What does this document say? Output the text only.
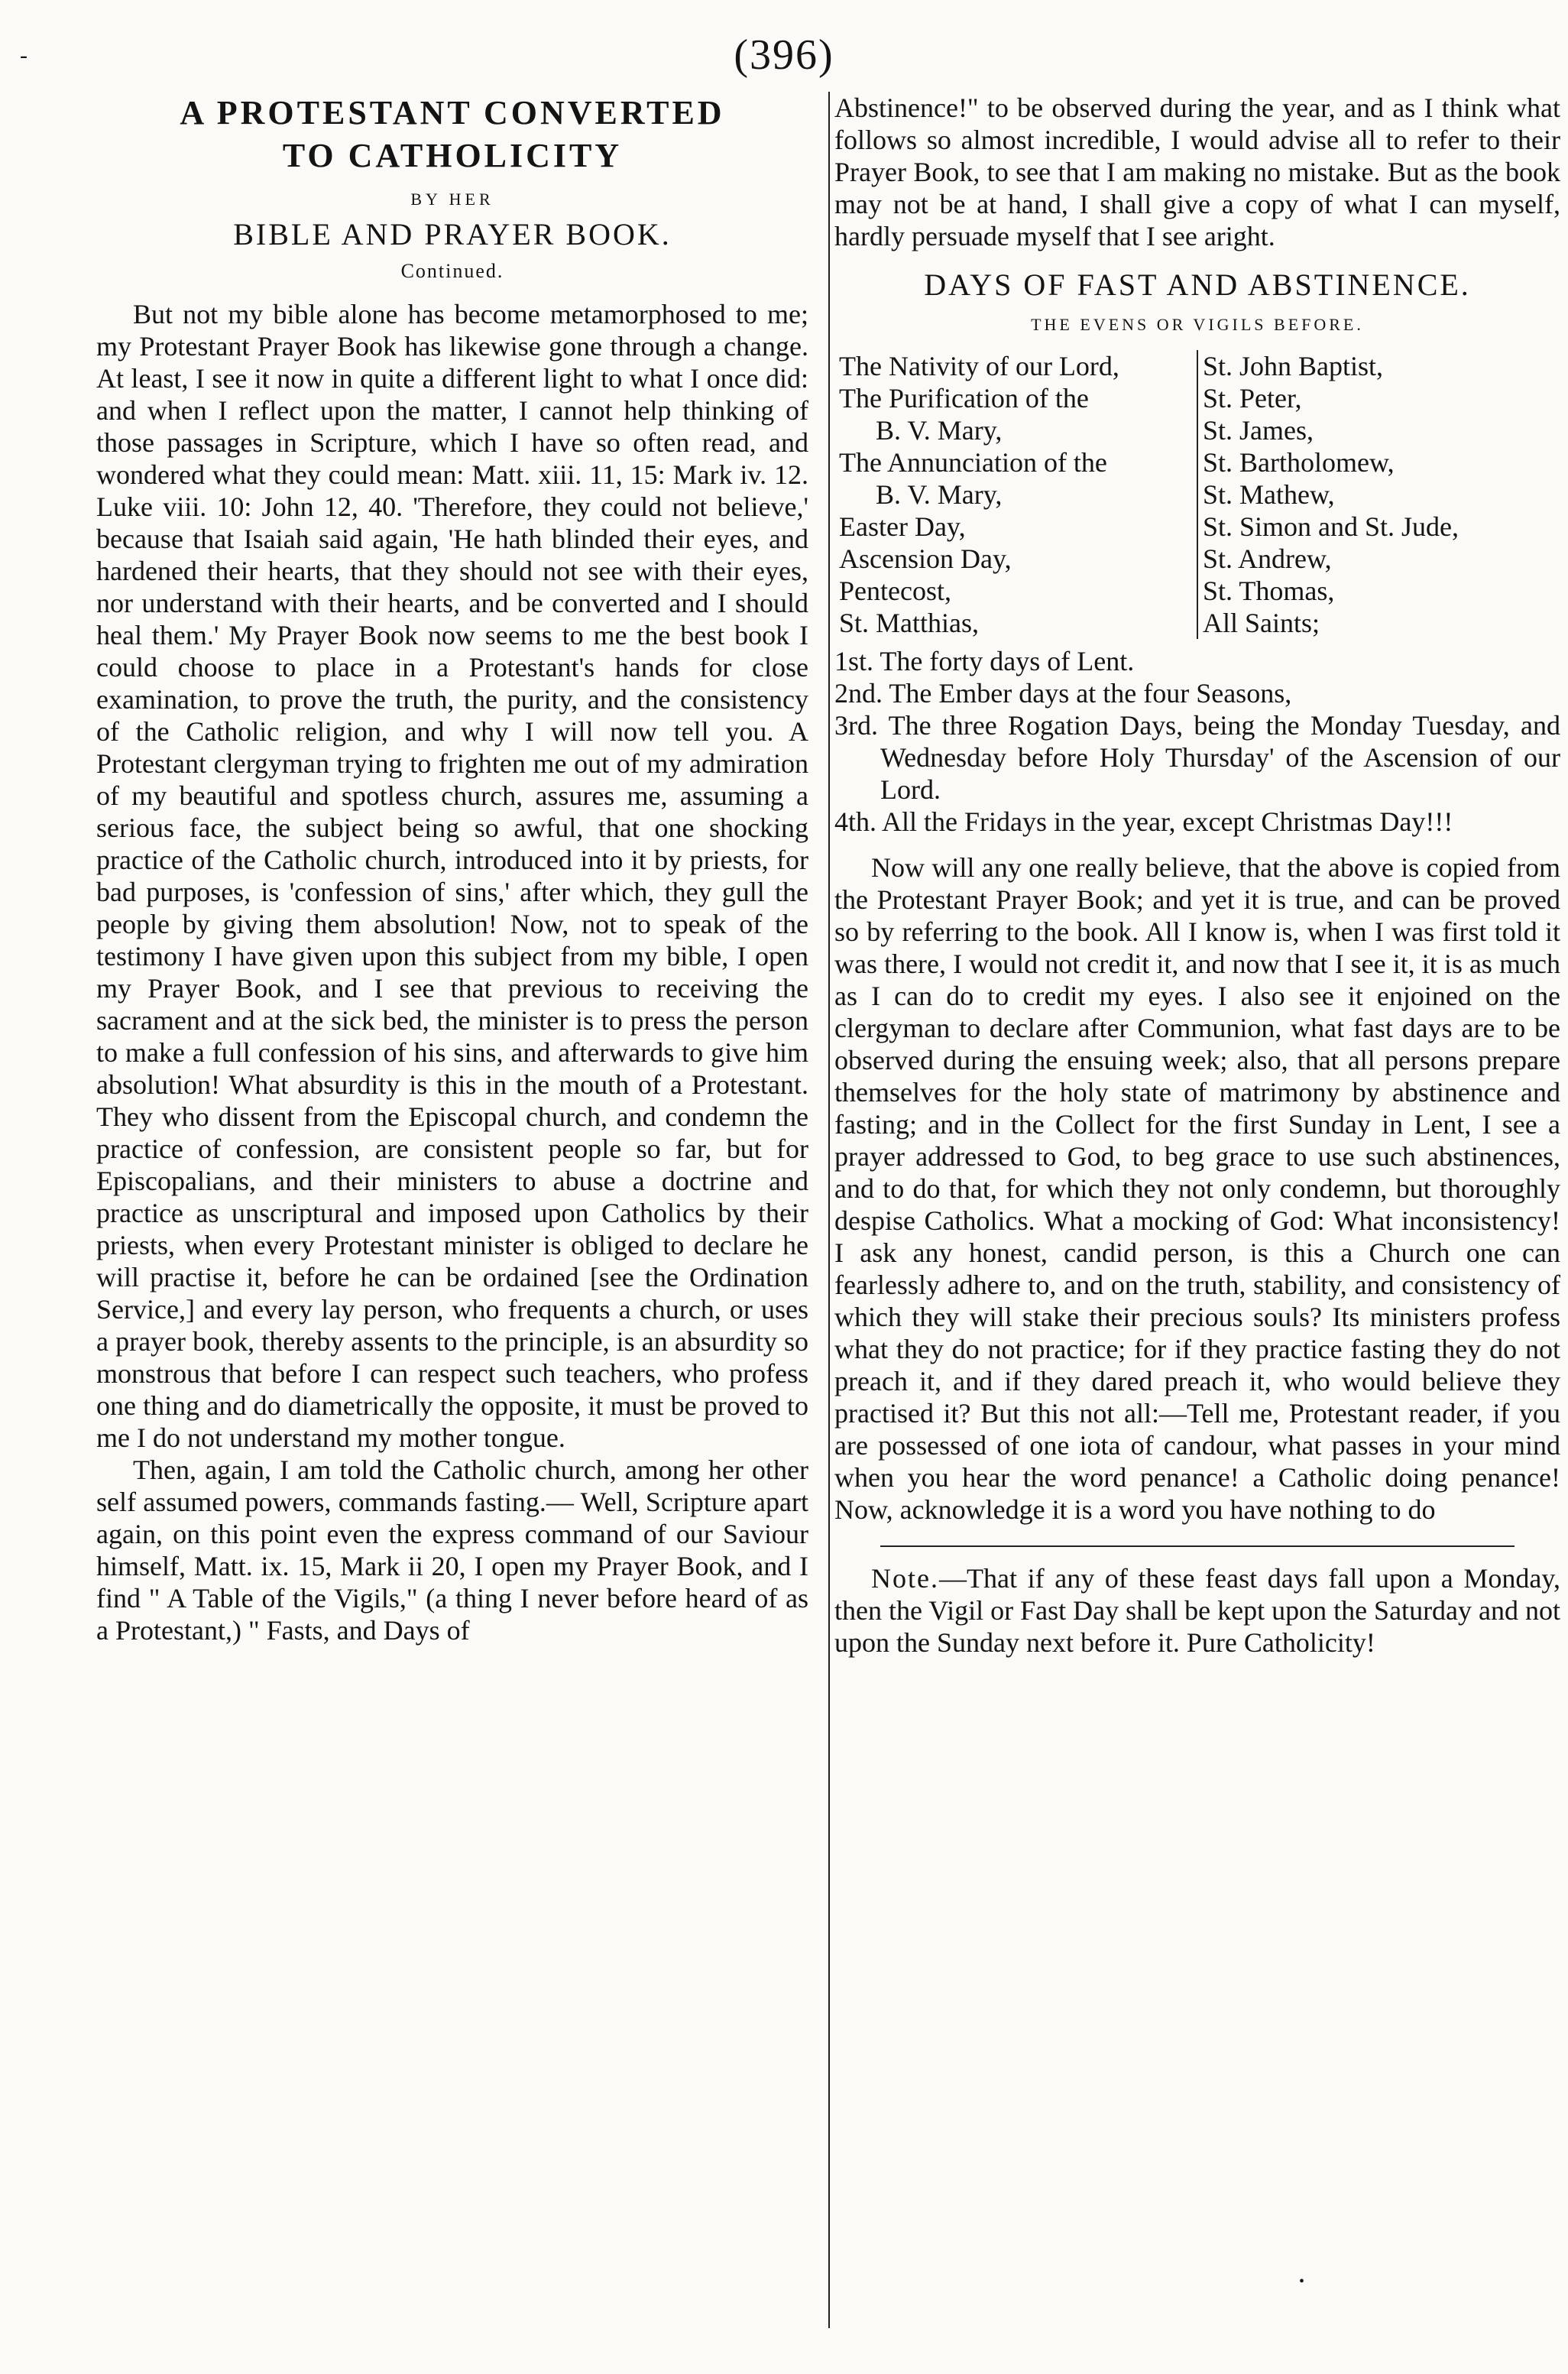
-	(396)
A PROTESTANT CONVERTED
TO CATHOLICITY
BY HER
BIBLE AND PRAYER BOOK.
Continued.

But not my bible alone has become metamorphosed to me; my Protestant Prayer Book has likewise gone through a change. At least, I see it now in quite a different light to what I once did: and when I reflect upon the matter, I cannot help thinking of those passages in Scripture, which I have so often read, and wondered what they could mean: Matt. xiii. 11, 15: Mark iv. 12. Luke viii. 10: John 12, 40. 'Therefore, they could not believe,' because that Isaiah said again, 'He hath blinded their eyes, and hardened their hearts, that they should not see with their eyes, nor understand with their hearts, and be converted and I should heal them.' My Prayer Book now seems to me the best book I could choose to place in a Protestant's hands for close examination, to prove the truth, the purity, and the consistency of the Catholic religion, and why I will now tell you. A Protestant clergyman trying to frighten me out of my admiration of my beautiful and spotless church, assures me, assuming a serious face, the subject being so awful, that one shocking practice of the Catholic church, introduced into it by priests, for bad purposes, is 'confession of sins,' after which, they gull the people by giving them absolution! Now, not to speak of the testimony I have given upon this subject from my bible, I open my Prayer Book, and I see that previous to receiving the sacrament and at the sick bed, the minister is to press the person to make a full confession of his sins, and afterwards to give him absolution! What absurdity is this in the mouth of a Protestant. They who dissent from the Episcopal church, and condemn the practice of confession, are consistent people so far, but for Episcopalians, and their ministers to abuse a doctrine and practice as unscriptural and imposed upon Catholics by their priests, when every Protestant minister is obliged to declare he will practise it, before he can be ordained [see the Ordination Service,] and every lay person, who frequents a church, or uses a prayer book, thereby assents to the principle, is an absurdity so monstrous that before I can respect such teachers, who profess one thing and do diametrically the opposite, it must be proved to me I do not understand my mother tongue.

Then, again, I am told the Catholic church, among her other self assumed powers, commands fasting.— Well, Scripture apart again, on this point even the express command of our Saviour himself, Matt. ix. 15, Mark ii 20, I open my Prayer Book, and I find " A Table of the Vigils," (a thing I never before heard of as a Protestant,) " Fasts, and Days of

Abstinence!" to be observed during the year, and as I think what follows so almost incredible, I would advise all to refer to their Prayer Book, to see that I am making no mistake. But as the book may not be at hand, I shall give a copy of what I can myself, hardly persuade myself that I see aright.

DAYS OF FAST AND ABSTINENCE.
THE EVENS OR VIGILS BEFORE.
The Nativity of our Lord,	St. John Baptist,
The Purification of the	St. Peter,
B. V. Mary,	St. James,
The Annunciation of the	St. Bartholomew,
B. V. Mary,	St. Mathew,
Easter Day,	St. Simon and St. Jude,
Ascension Day,	St. Andrew,
Pentecost,	St. Thomas,
St. Matthias,	All Saints;

1st. The forty days of Lent.

2nd. The Ember days at the four Seasons,

3rd. The three Rogation Days, being the Monday Tuesday, and Wednesday before Holy Thursday' of the Ascension of our Lord.

4th. All the Fridays in the year, except Christmas Day!!!

Now will any one really believe, that the above is copied from the Protestant Prayer Book; and yet it is true, and can be proved so by referring to the book. All I know is, when I was first told it was there, I would not credit it, and now that I see it, it is as much as I can do to credit my eyes. I also see it enjoined on the clergyman to declare after Communion, what fast days are to be observed during the ensuing week; also, that all persons prepare themselves for the holy state of matrimony by abstinence and fasting; and in the Collect for the first Sunday in Lent, I see a prayer addressed to God, to beg grace to use such abstinences, and to do that, for which they not only condemn, but thoroughly despise Catholics. What a mocking of God: What inconsistency! I ask any honest, candid person, is this a Church one can fearlessly adhere to, and on the truth, stability, and consistency of which they will stake their precious souls? Its ministers profess what they do not practice; for if they practice fasting they do not preach it, and if they dared preach it, who would believe they practised it? But this not all:—Tell me, Protestant reader, if you are possessed of one iota of candour, what passes in your mind when you hear the word penance! a Catholic doing penance! Now, acknowledge it is a word you have nothing to do

Note.—That if any of these feast days fall upon a Monday, then the Vigil or Fast Day shall be kept upon the Saturday and not upon the Sunday next before it. Pure Catholicity!

•
